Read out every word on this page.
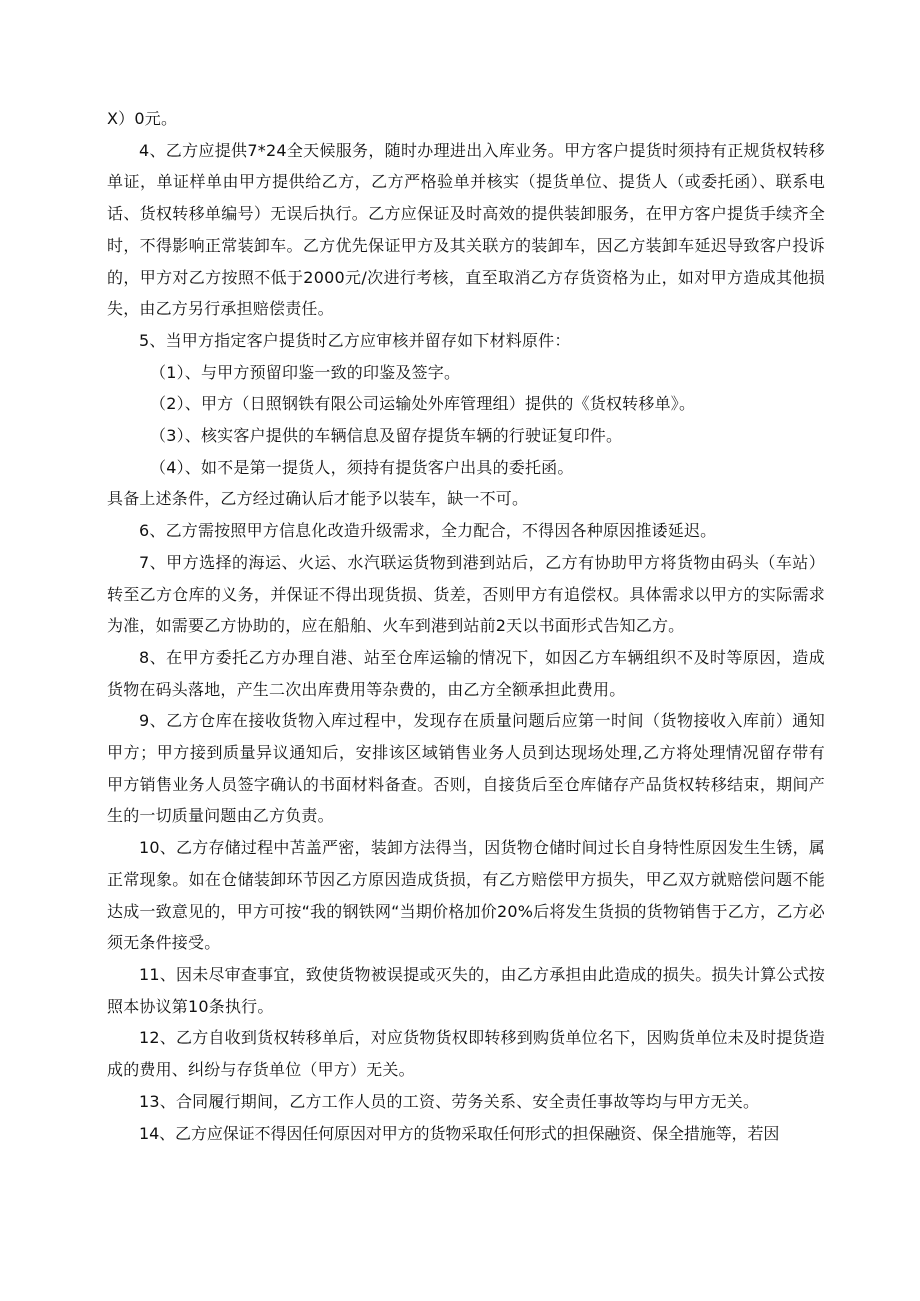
X）0元。

4、乙方应提供7*24全天候服务，随时办理进出入库业务。甲方客户提货时须持有正规货权转移单证，单证样单由甲方提供给乙方，乙方严格验单并核实（提货单位、提货人（或委托函）、联系电话、货权转移单编号）无误后执行。乙方应保证及时高效的提供装卸服务，在甲方客户提货手续齐全时，不得影响正常装卸车。乙方优先保证甲方及其关联方的装卸车，因乙方装卸车延迟导致客户投诉的，甲方对乙方按照不低于2000元/次进行考核，直至取消乙方存货资格为止，如对甲方造成其他损失，由乙方另行承担赔偿责任。

5、当甲方指定客户提货时乙方应审核并留存如下材料原件：

（1）、与甲方预留印鉴一致的印鉴及签字。

（2）、甲方（日照钢铁有限公司运输处外库管理组）提供的《货权转移单》。

（3）、核实客户提供的车辆信息及留存提货车辆的行驶证复印件。

（4）、如不是第一提货人，须持有提货客户出具的委托函。

具备上述条件，乙方经过确认后才能予以装车，缺一不可。

6、乙方需按照甲方信息化改造升级需求，全力配合，不得因各种原因推诿延迟。

7、甲方选择的海运、火运、水汽联运货物到港到站后，乙方有协助甲方将货物由码头（车站）转至乙方仓库的义务，并保证不得出现货损、货差，否则甲方有追偿权。具体需求以甲方的实际需求为准，如需要乙方协助的，应在船舶、火车到港到站前2天以书面形式告知乙方。

8、在甲方委托乙方办理自港、站至仓库运输的情况下，如因乙方车辆组织不及时等原因，造成货物在码头落地，产生二次出库费用等杂费的，由乙方全额承担此费用。

9、乙方仓库在接收货物入库过程中，发现存在质量问题后应第一时间（货物接收入库前）通知甲方；甲方接到质量异议通知后，安排该区域销售业务人员到达现场处理,乙方将处理情况留存带有甲方销售业务人员签字确认的书面材料备查。否则，自接货后至仓库储存产品货权转移结束，期间产生的一切质量问题由乙方负责。

10、乙方存储过程中苫盖严密，装卸方法得当，因货物仓储时间过长自身特性原因发生生锈，属正常现象。如在仓储装卸环节因乙方原因造成货损，有乙方赔偿甲方损失，甲乙双方就赔偿问题不能达成一致意见的，甲方可按“我的钢铁网“当期价格加价20%后将发生货损的货物销售于乙方，乙方必须无条件接受。

11、因未尽审查事宜，致使货物被误提或灭失的，由乙方承担由此造成的损失。损失计算公式按照本协议第10条执行。

12、乙方自收到货权转移单后，对应货物货权即转移到购货单位名下，因购货单位未及时提货造成的费用、纠纷与存货单位（甲方）无关。

13、合同履行期间，乙方工作人员的工资、劳务关系、安全责任事故等均与甲方无关。

14、乙方应保证不得因任何原因对甲方的货物采取任何形式的担保融资、保全措施等，若因
